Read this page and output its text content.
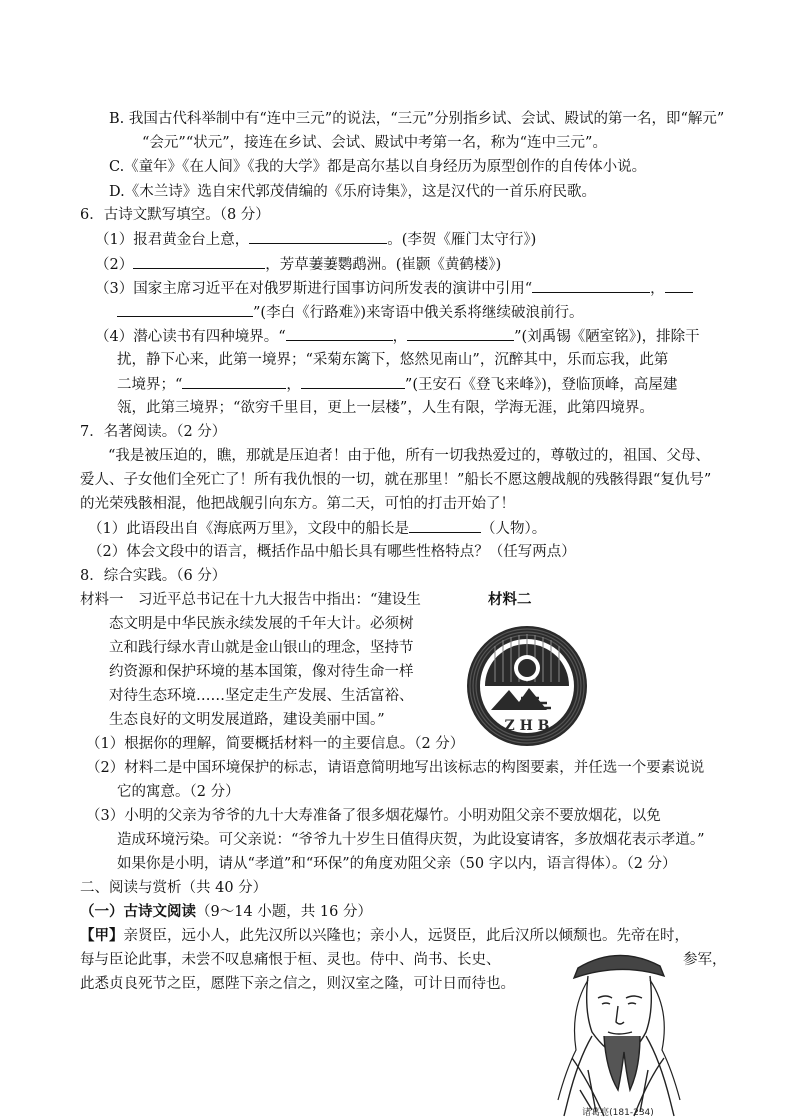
B. 我国古代科举制中有“连中三元”的说法，“三元”分别指乡试、会试、殿试的第一名，即“解元”
“会元”“状元”，接连在乡试、会试、殿试中考第一名，称为“连中三元”。
C.《童年》《在人间》《我的大学》都是高尔基以自身经历为原型创作的自传体小说。
D.《木兰诗》选自宋代郭茂倩编的《乐府诗集》，这是汉代的一首乐府民歌。
6．古诗文默写填空。（8 分）
（1）报君黄金台上意，	。(李贺《雁门太守行》)
（2）	，芳草萋萋鹦鹉洲。(崔颢《黄鹤楼》)
（3）国家主席习近平在对俄罗斯进行国事访问所发表的演讲中引用“	，
”(李白《行路难》)来寄语中俄关系将继续破浪前行。
（4）潜心读书有四种境界。“	，	”(刘禹锡《陋室铭》)，排除干
扰，静下心来，此第一境界；“采菊东篱下，悠然见南山”，沉醉其中，乐而忘我，此第
二境界；“	，	”(王安石《登飞来峰》)，登临顶峰，高屋建
瓴，此第三境界；“欲穷千里目，更上一层楼”，人生有限，学海无涯，此第四境界。
7．名著阅读。（2 分）
“我是被压迫的，瞧，那就是压迫者！由于他，所有一切我热爱过的，尊敬过的，祖国、父母、
爱人、子女他们全死亡了！所有我仇恨的一切，就在那里！”船长不愿这艘战舰的残骸得跟“复仇号”
的光荣残骸相混，他把战舰引向东方。第二天，可怕的打击开始了！
（1）此语段出自《海底两万里》，文段中的船长是	（人物）。
（2）体会文段中的语言，概括作品中船长具有哪些性格特点？（任写两点）
8．综合实践。（6 分）
材料一　习近平总书记在十九大报告中指出：“建设生
态文明是中华民族永续发展的千年大计。必须树
立和践行绿水青山就是金山银山的理念，坚持节
约资源和保护环境的基本国策，像对待生命一样
对待生态环境……坚定走生产发展、生活富裕、
生态良好的文明发展道路，建设美丽中国。”
材料二
Z H B
（1）根据你的理解，简要概括材料一的主要信息。（2 分）
（2）材料二是中国环境保护的标志，请语意简明地写出该标志的构图要素，并任选一个要素说说
它的寓意。（2 分）
（3）小明的父亲为爷爷的九十大寿准备了很多烟花爆竹。小明劝阻父亲不要放烟花，以免
造成环境污染。可父亲说：“爷爷九十岁生日值得庆贺，为此设宴请客，多放烟花表示孝道。”
如果你是小明，请从“孝道”和“环保”的角度劝阻父亲（50 字以内，语言得体）。（2 分）
二、阅读与赏析（共 40 分）
（一）古诗文阅读（9～14 小题，共 16 分）
【甲】亲贤臣，远小人，此先汉所以兴隆也；亲小人，远贤臣，此后汉所以倾颓也。先帝在时，
每与臣论此事，未尝不叹息痛恨于桓、灵也。侍中、尚书、长史、	参军，
此悉贞良死节之臣，愿陛下亲之信之，则汉室之隆，可计日而待也。
诸葛亮(181-234)
